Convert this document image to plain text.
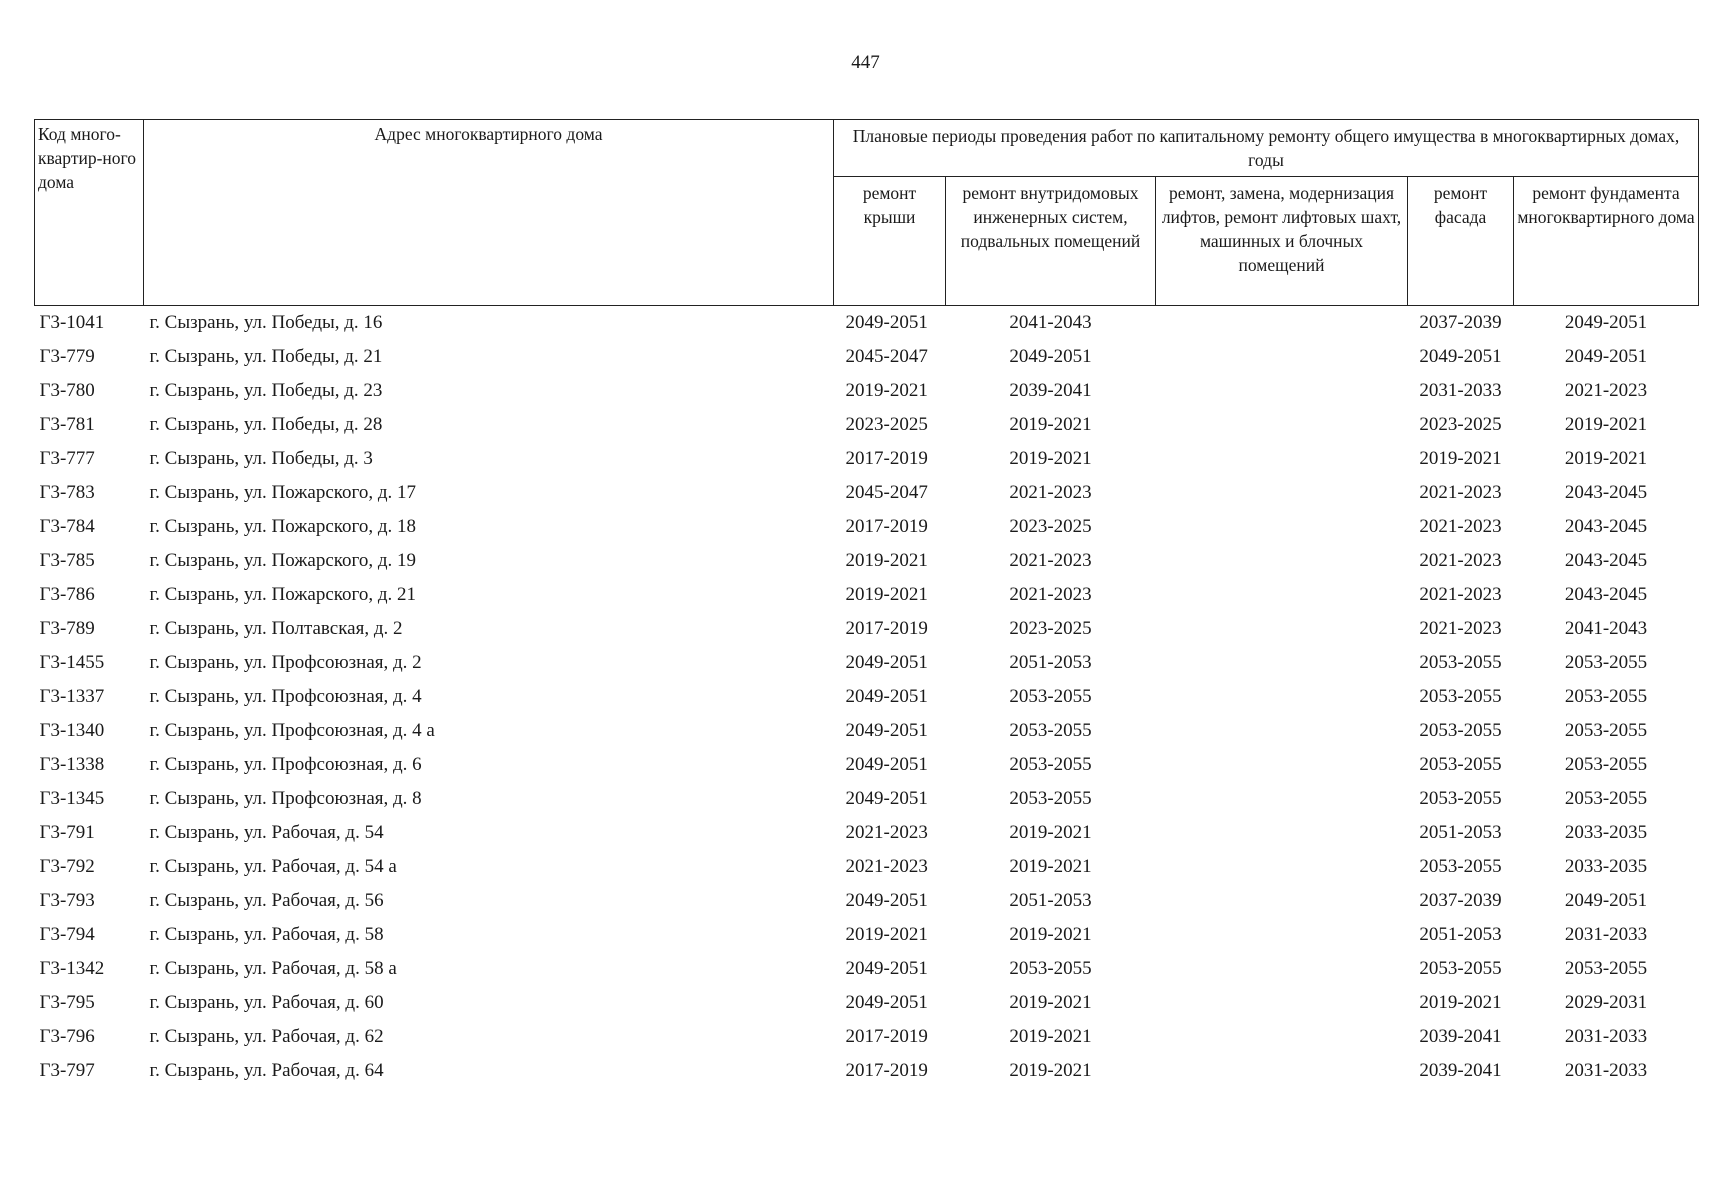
447
Код много-квартир-ного дома	Адрес многоквартирного дома	Плановые периоды проведения работ по капитальному ремонту общего имущества в многоквартирных домах, годы				
		ремонт крыши	ремонт внутридомовых инженерных систем, подвальных помещений	ремонт, замена, модернизация лифтов, ремонт лифтовых шахт, машинных и блочных помещений	ремонт фасада	ремонт фундамента многоквартирного дома
Г3-1041	г. Сызрань, ул. Победы, д. 16	2049-2051	2041-2043		2037-2039	2049-2051
Г3-779	г. Сызрань, ул. Победы, д. 21	2045-2047	2049-2051		2049-2051	2049-2051
Г3-780	г. Сызрань, ул. Победы, д. 23	2019-2021	2039-2041		2031-2033	2021-2023
Г3-781	г. Сызрань, ул. Победы, д. 28	2023-2025	2019-2021		2023-2025	2019-2021
Г3-777	г. Сызрань, ул. Победы, д. 3	2017-2019	2019-2021		2019-2021	2019-2021
Г3-783	г. Сызрань, ул. Пожарского, д. 17	2045-2047	2021-2023		2021-2023	2043-2045
Г3-784	г. Сызрань, ул. Пожарского, д. 18	2017-2019	2023-2025		2021-2023	2043-2045
Г3-785	г. Сызрань, ул. Пожарского, д. 19	2019-2021	2021-2023		2021-2023	2043-2045
Г3-786	г. Сызрань, ул. Пожарского, д. 21	2019-2021	2021-2023		2021-2023	2043-2045
Г3-789	г. Сызрань, ул. Полтавская, д. 2	2017-2019	2023-2025		2021-2023	2041-2043
Г3-1455	г. Сызрань, ул. Профсоюзная, д. 2	2049-2051	2051-2053		2053-2055	2053-2055
Г3-1337	г. Сызрань, ул. Профсоюзная, д. 4	2049-2051	2053-2055		2053-2055	2053-2055
Г3-1340	г. Сызрань, ул. Профсоюзная, д. 4 а	2049-2051	2053-2055		2053-2055	2053-2055
Г3-1338	г. Сызрань, ул. Профсоюзная, д. 6	2049-2051	2053-2055		2053-2055	2053-2055
Г3-1345	г. Сызрань, ул. Профсоюзная, д. 8	2049-2051	2053-2055		2053-2055	2053-2055
Г3-791	г. Сызрань, ул. Рабочая, д. 54	2021-2023	2019-2021		2051-2053	2033-2035
Г3-792	г. Сызрань, ул. Рабочая, д. 54 а	2021-2023	2019-2021		2053-2055	2033-2035
Г3-793	г. Сызрань, ул. Рабочая, д. 56	2049-2051	2051-2053		2037-2039	2049-2051
Г3-794	г. Сызрань, ул. Рабочая, д. 58	2019-2021	2019-2021		2051-2053	2031-2033
Г3-1342	г. Сызрань, ул. Рабочая, д. 58 а	2049-2051	2053-2055		2053-2055	2053-2055
Г3-795	г. Сызрань, ул. Рабочая, д. 60	2049-2051	2019-2021		2019-2021	2029-2031
Г3-796	г. Сызрань, ул. Рабочая, д. 62	2017-2019	2019-2021		2039-2041	2031-2033
Г3-797	г. Сызрань, ул. Рабочая, д. 64	2017-2019	2019-2021		2039-2041	2031-2033
